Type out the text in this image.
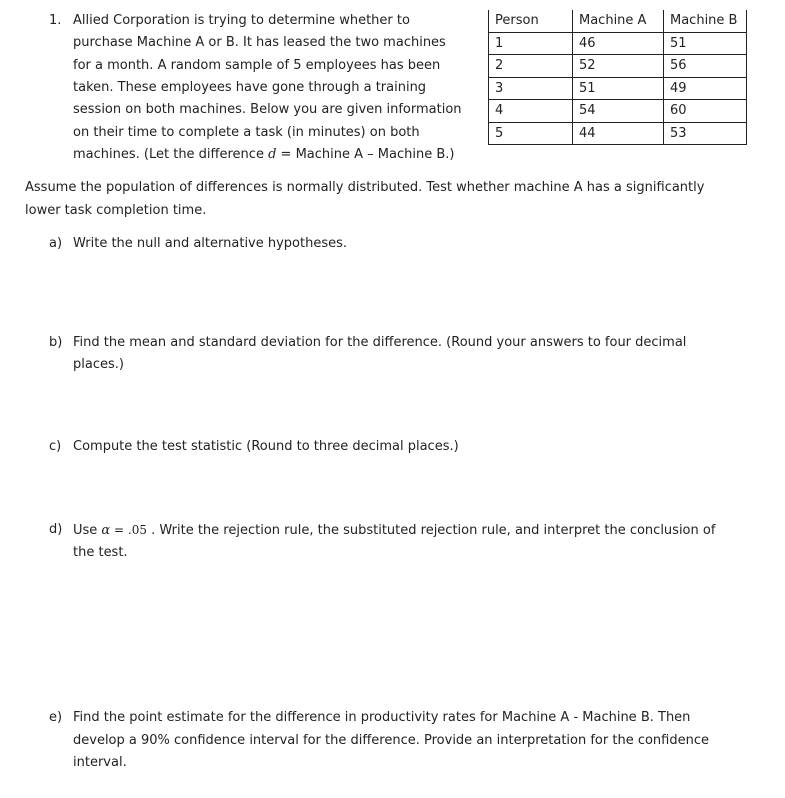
1. Allied Corporation is trying to determine whether to
purchase Machine A or B. It has leased the two machines
for a month. A random sample of 5 employees has been
taken. These employees have gone through a training
session on both machines. Below you are given information
on their time to complete a task (in minutes) on both
machines. (Let the difference d = Machine A – Machine B.)
Person	Machine A	Machine B
1	46	51
2	52	56
3	51	49
4	54	60
5	44	53
Assume the population of differences is normally distributed. Test whether machine A has a significantly
lower task completion time.
a) Write the null and alternative hypotheses.
b) Find the mean and standard deviation for the difference. (Round your answers to four decimal
places.)
c) Compute the test statistic (Round to three decimal places.)
d) Use α = .05 . Write the rejection rule, the substituted rejection rule, and interpret the conclusion of
the test.
e) Find the point estimate for the difference in productivity rates for Machine A - Machine B. Then
develop a 90% confidence interval for the difference. Provide an interpretation for the confidence
interval.
